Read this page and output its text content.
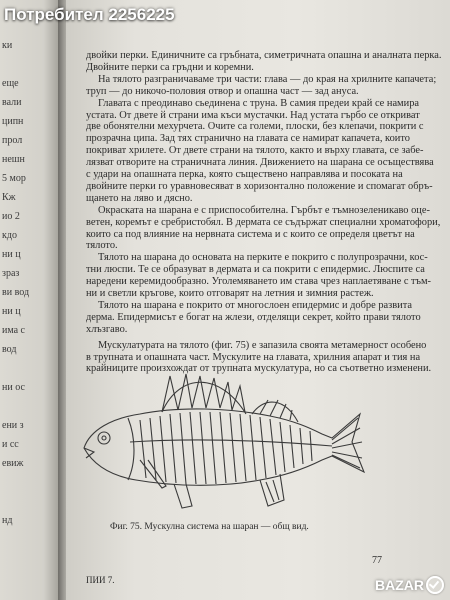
ки
еще
вали
ципн
прол
нешн
5 мор
Кж
ио 2
кдо
ни ц
зраз
ви вод
ни ц
има с
вод
ни ос
ени з
и сс
евиж
нд
двойки перки. Единичните са гръбната, симетричната опашна и аналната перка.
Двойните перки са гръдни и коремни.
На тялото разграничаваме три части: глава — до края на хрилните капачета;
труп — до никочо-половия отвор и опашна част — зад ануса.
Главата с преодинаво сьединена с труна. В самия предеи край се намира
устата. От двете й страни има къси мустачки. Над устата гърбо се откриват
две обонятелни мехурчета. Очите са големи, плоски, без клепачи, покрити с
прозрачна ципа. Зад тях странично на главата се намират капачета, които
покриват хрилете. От двете страни на тялото, както и върху главата, се забе-
лязват отворите на страничната линия. Движението на шарана се осъществява
с удари на опашната перка, която съществено направлява и посоката на
двойните перки го уравновесяват в хоризонтално положение и спомагат обръ-
щането на ляво и дясно.
Окраската на шарана е с приспособителна. Гърбът е тъмнозеленикаво оце-
ветен, коремът е сребристобял. В дермата се съдържат специални хроматофори,
които са под влияние на нервната система и с които се определя цветът на
тялото.
Тялото на шарана до основата на перките е покрито с полупрозрачни, кос-
тни люспи. Те се образуват в дермата и са покрити с епидермис. Люспите са
наредени керемидообразно. Уголемяването им става чрез наплаетяване с тъм-
ни и светли кръгове, които отговарят на летния и зимния растеж.
Тялото на шарана е покрито от многослоен епидермис и добре развита
дерма. Епидермисът е богат на жлези, отделящи секрет, който прави тялото
хлъзгаво.
Мускулатурата на тялото (фиг. 75) е запазила своята метамерност особено
в трупната и опашната част. Мускулите на главата, хрилния апарат и тия на
крайниците произхождат от трупната мускулатура, но са съответно изменени.
Фиг. 75. Мускулна система на шаран — общ вид.
77
ПИИ 7.
Потребител 2256225
BAZAR
